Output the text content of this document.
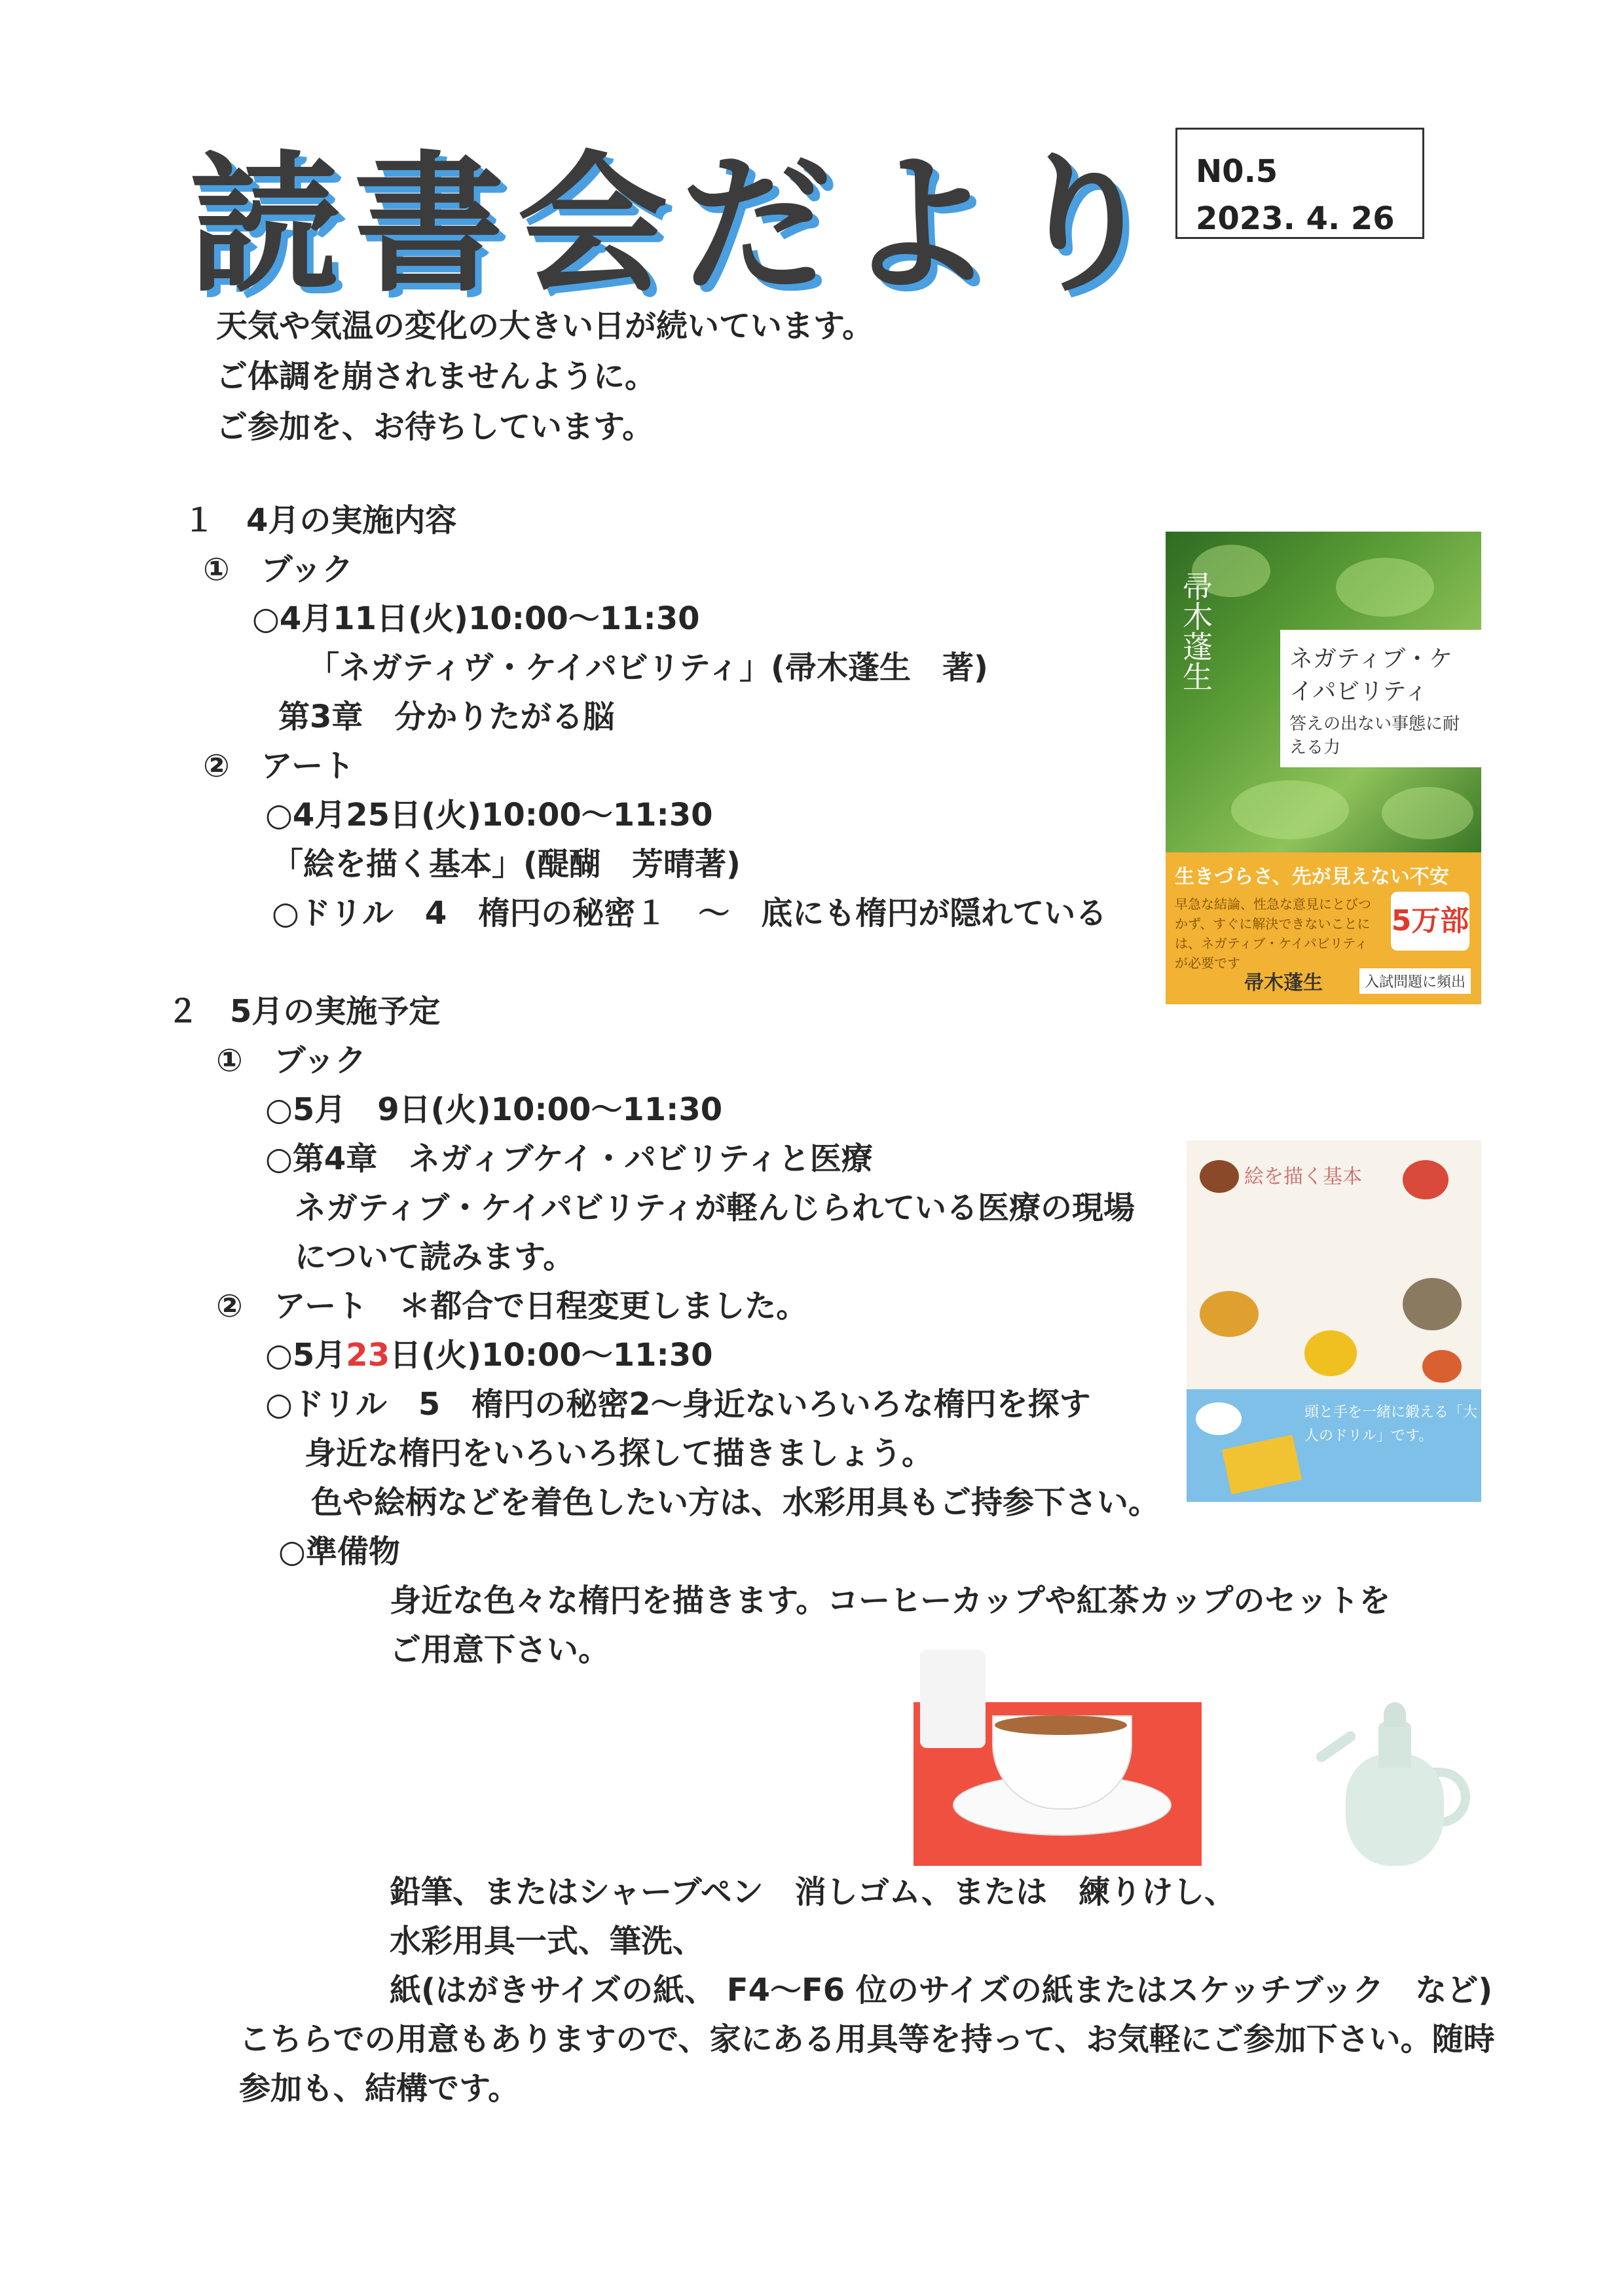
読書会だより N0.5
2023. 4. 26
天気や気温の変化の大きい日が続いています。
ご体調を崩されませんように。
ご参加を、お待ちしています。
１　4月の実施内容
①　ブック
○4月11日(火)10:00～11:30
「ネガティヴ・ケイパビリティ」(帚木蓬生　著)
第3章　分かりたがる脳
②　アート
○4月25日(火)10:00～11:30
「絵を描く基本」(醍醐　芳晴著)
○ドリル　4　楕円の秘密１　～　底にも楕円が隠れている
２　5月の実施予定
①　ブック
○5月　9日(火)10:00～11:30
○第4章　ネガィブケイ・パビリティと医療
ネガティブ・ケイパビリティが軽んじられている医療の現場
について読みます。
②　アート　＊都合で日程変更しました。
○5月23日(火)10:00～11:30
○ドリル　5　楕円の秘密2～身近ないろいろな楕円を探す
身近な楕円をいろいろ探して描きましょう。
色や絵柄などを着色したい方は、水彩用具もご持参下さい。
○準備物
身近な色々な楕円を描きます。コーヒーカップや紅茶カップのセットを
ご用意下さい。
鉛筆、またはシャーブペン　消しゴム、または　練りけし、
水彩用具一式、筆洗、
紙(はがきサイズの紙、 F4～F6 位のサイズの紙またはスケッチブック　など)
こちらでの用意もありますので、家にある用具等を持って、お気軽にご参加下さい。随時
参加も、結構です。
帚木蓬生	ネガティブ・ケイパビリティ
答えの出ない事態に耐える力
生きづらさ、先が見えない不安
早急な結論、性急な意見にとびつかず、すぐに解決できないことには、ネガティブ・ケイパビリティが必要です
5万部
帚木蓬生	入試問題に頻出
絵を描く基本
頭と手を一緒に鍛える「大人のドリル」です。
